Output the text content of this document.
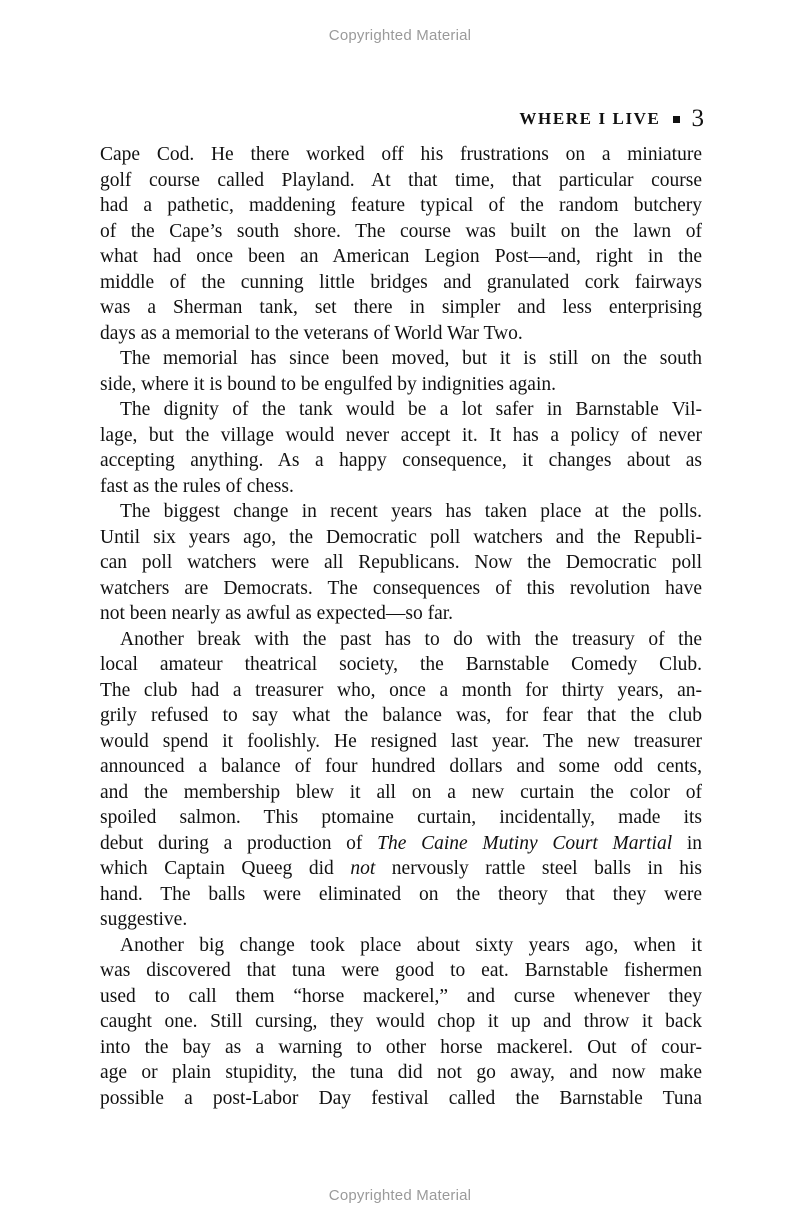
Copyrighted Material
WHERE I LIVE 3
Cape Cod. He there worked off his frustrations on a miniature
golf course called Playland. At that time, that particular course
had a pathetic, maddening feature typical of the random butchery
of the Cape’s south shore. The course was built on the lawn of
what had once been an American Legion Post—and, right in the
middle of the cunning little bridges and granulated cork fairways
was a Sherman tank, set there in simpler and less enterprising
days as a memorial to the veterans of World War Two.
The memorial has since been moved, but it is still on the south
side, where it is bound to be engulfed by indignities again.
The dignity of the tank would be a lot safer in Barnstable Vil-
lage, but the village would never accept it. It has a policy of never
accepting anything. As a happy consequence, it changes about as
fast as the rules of chess.
The biggest change in recent years has taken place at the polls.
Until six years ago, the Democratic poll watchers and the Republi-
can poll watchers were all Republicans. Now the Democratic poll
watchers are Democrats. The consequences of this revolution have
not been nearly as awful as expected—so far.
Another break with the past has to do with the treasury of the
local amateur theatrical society, the Barnstable Comedy Club.
The club had a treasurer who, once a month for thirty years, an-
grily refused to say what the balance was, for fear that the club
would spend it foolishly. He resigned last year. The new treasurer
announced a balance of four hundred dollars and some odd cents,
and the membership blew it all on a new curtain the color of
spoiled salmon. This ptomaine curtain, incidentally, made its
debut during a production of The Caine Mutiny Court Martial in
which Captain Queeg did not nervously rattle steel balls in his
hand. The balls were eliminated on the theory that they were
suggestive.
Another big change took place about sixty years ago, when it
was discovered that tuna were good to eat. Barnstable fishermen
used to call them “horse mackerel,” and curse whenever they
caught one. Still cursing, they would chop it up and throw it back
into the bay as a warning to other horse mackerel. Out of cour-
age or plain stupidity, the tuna did not go away, and now make
possible a post-Labor Day festival called the Barnstable Tuna
Copyrighted Material
